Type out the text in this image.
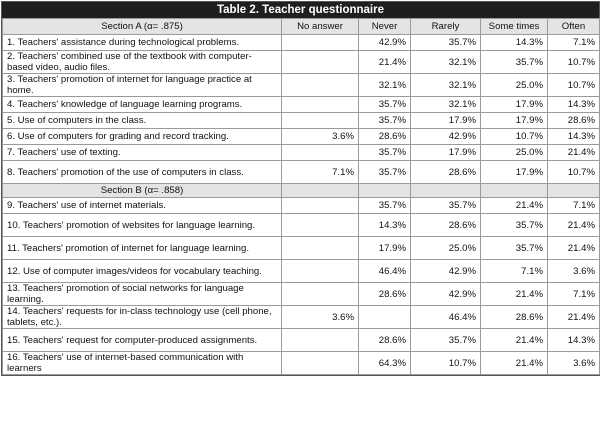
Table 2. Teacher questionnaire
Section A (α= .875)	No answer	Never	Rarely	Some times	Often
1. Teachers' assistance during technological problems.		42.9%	35.7%	14.3%	7.1%
2. Teachers' combined use of the textbook with computer-based video, audio files.		21.4%	32.1%	35.7%	10.7%
3. Teachers' promotion of internet for language practice at home.		32.1%	32.1%	25.0%	10.7%
4. Teachers' knowledge of language learning programs.		35.7%	32.1%	17.9%	14.3%
5. Use of computers in the class.		35.7%	17.9%	17.9%	28.6%
6. Use of computers for grading and record tracking.	3.6%	28.6%	42.9%	10.7%	14.3%
7. Teachers' use of texting.		35.7%	17.9%	25.0%	21.4%
8. Teachers' promotion of the use of computers in class.	7.1%	35.7%	28.6%	17.9%	10.7%
Section B (α= .858)					
9. Teachers' use of internet materials.		35.7%	35.7%	21.4%	7.1%
10. Teachers' promotion of websites for language learning.		14.3%	28.6%	35.7%	21.4%
11. Teachers' promotion of internet for language learning.		17.9%	25.0%	35.7%	21.4%
12. Use of computer images/videos for vocabulary teaching.		46.4%	42.9%	7.1%	3.6%
13. Teachers' promotion of social networks for language learning.		28.6%	42.9%	21.4%	7.1%
14. Teachers' requests for in-class technology use (cell phone, tablets, etc.).	3.6%		46.4%	28.6%	21.4%
15. Teachers' request for computer-produced assignments.		28.6%	35.7%	21.4%	14.3%
16. Teachers' use of internet-based communication with learners		64.3%	10.7%	21.4%	3.6%
